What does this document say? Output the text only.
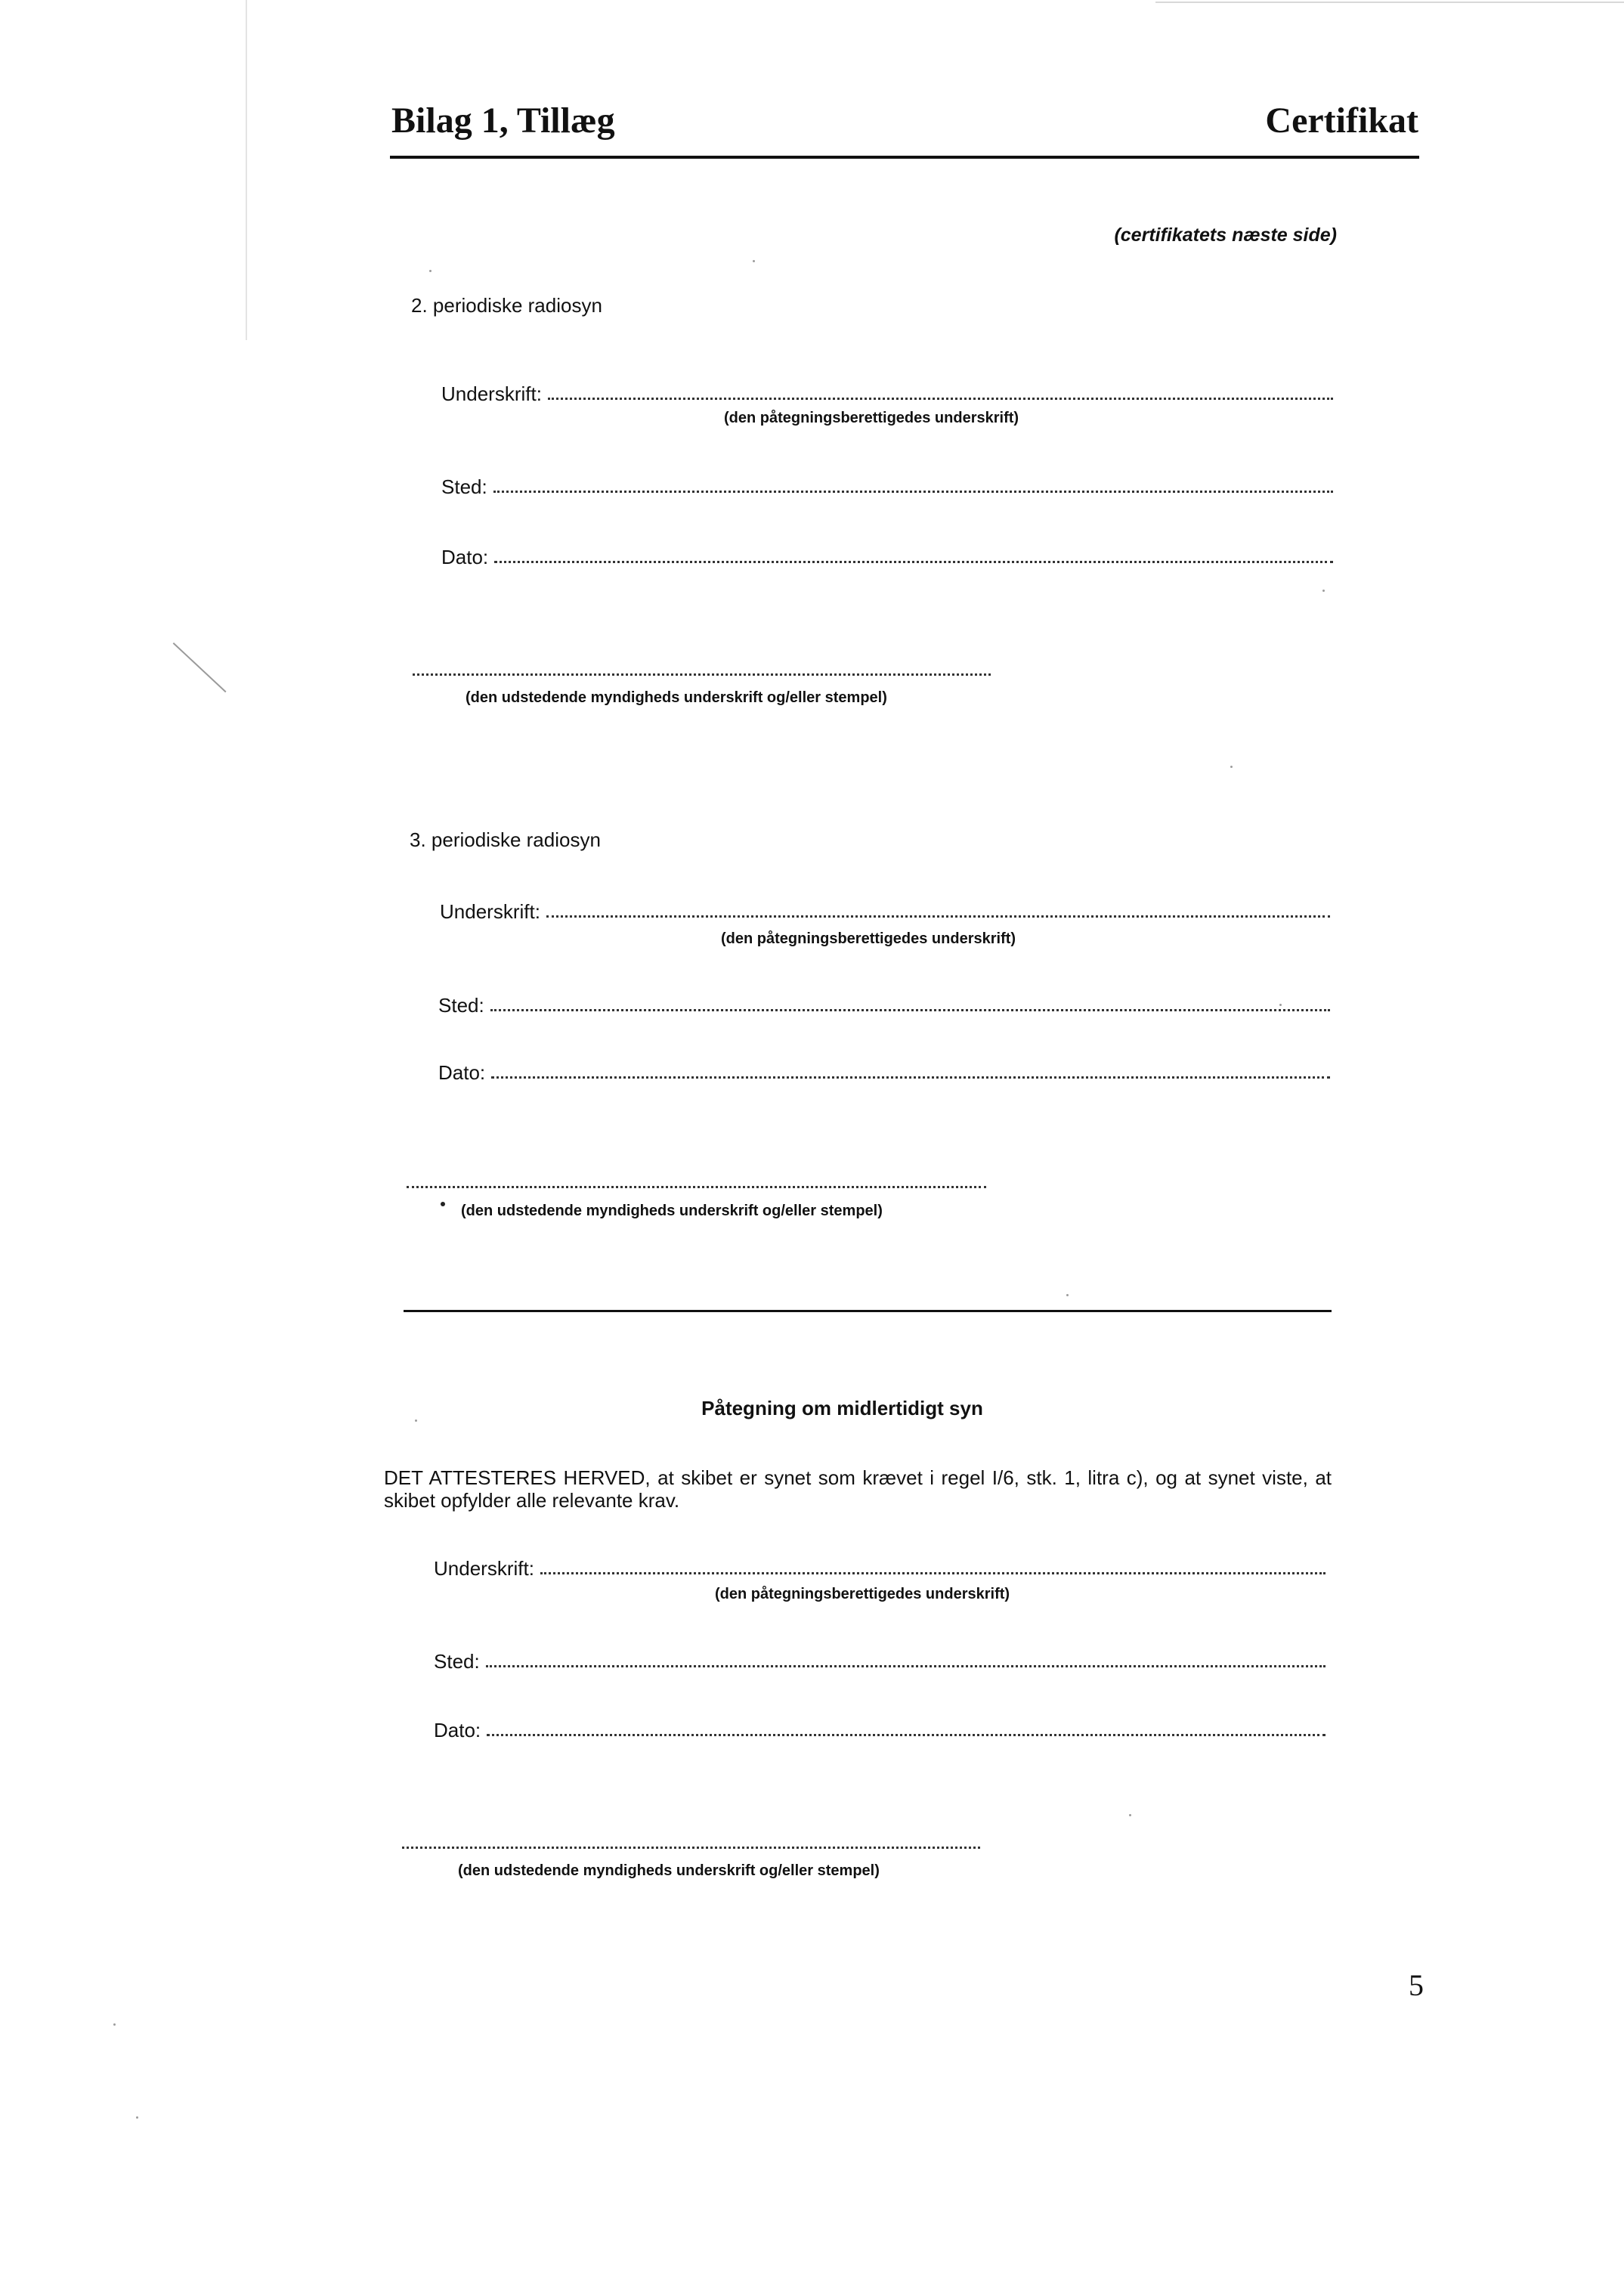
Bilag 1, Tillæg	Certifikat
(certifikatets næste side)
2. periodiske radiosyn
Underskrift:
(den påtegningsberettigedes underskrift)
Sted:
Dato:
(den udstedende myndigheds underskrift og/eller stempel)
3. periodiske radiosyn
Underskrift:
(den påtegningsberettigedes underskrift)
Sted:
Dato:
(den udstedende myndigheds underskrift og/eller stempel)
Påtegning om midlertidigt syn
DET ATTESTERES HERVED, at skibet er synet som krævet i regel I/6, stk. 1, litra c), og at synet viste, at skibet opfylder alle relevante krav.
Underskrift:
(den påtegningsberettigedes underskrift)
Sted:
Dato:
(den udstedende myndigheds underskrift og/eller stempel)
5
